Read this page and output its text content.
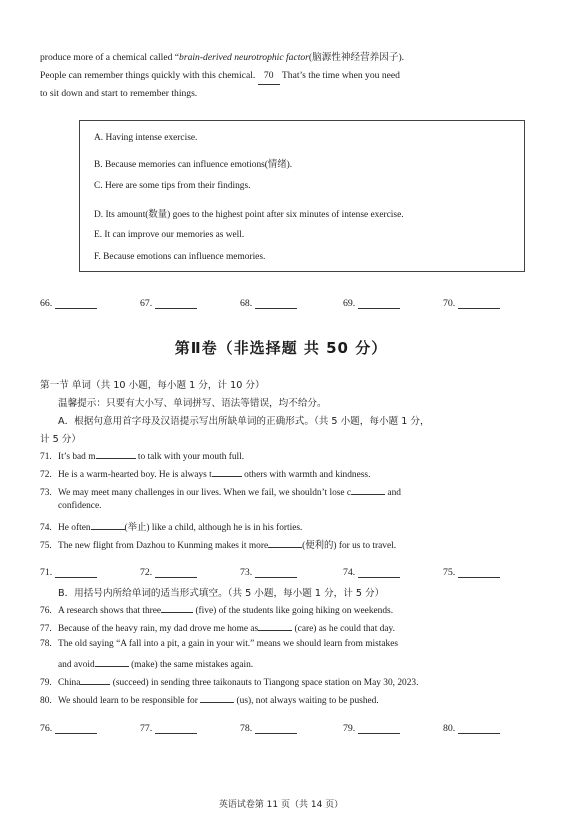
produce more of a chemical called “brain-derived neurotrophic factor(脑源性神经营养因子).
People can remember things quickly with this chemical. 70 That’s the time when you need
to sit down and start to remember things.
A. Having intense exercise.
B. Because memories can influence emotions(情绪).
C. Here are some tips from their findings.
D. Its amount(数量) goes to the highest point after six minutes of intense exercise.
E. It can improve our memories as well.
F. Because emotions can influence memories.
66.	67.	68.	69.	70.
第Ⅱ卷（非选择题 共 50 分）
第一节 单词（共 10 小题，每小题 1 分，计 10 分）
温馨提示：只要有大小写、单词拼写、语法等错误，均不给分。
A．根据句意用首字母及汉语提示写出所缺单词的正确形式。（共 5 小题，每小题 1 分，
计 5 分）
71. It’s bad m	to talk with your mouth full.
72. He is a warm-hearted boy. He is always t	others with warmth and kindness.
73. We may meet many challenges in our lives. When we fail, we shouldn’t lose c	and
confidence.
74. He often	(举止) like a child, although he is in his forties.
75. The new flight from Dazhou to Kunming makes it more	(便利的) for us to travel.
71.	72.	73.	74.	75.
B．用括号内所给单词的适当形式填空。（共 5 小题，每小题 1 分，计 5 分）
76. A research shows that three	(five) of the students like going hiking on weekends.
77. Because of the heavy rain, my dad drove me home as	(care) as he could that day.
78. The old saying “A fall into a pit, a gain in your wit.” means we should learn from mistakes
and avoid	(make) the same mistakes again.
79. China	(succeed) in sending three taikonauts to Tiangong space station on May 30, 2023.
80. We should learn to be responsible for	(us), not always waiting to be pushed.
76.	77.	78.	79.	80.
英语试卷第 11 页（共 14 页）
